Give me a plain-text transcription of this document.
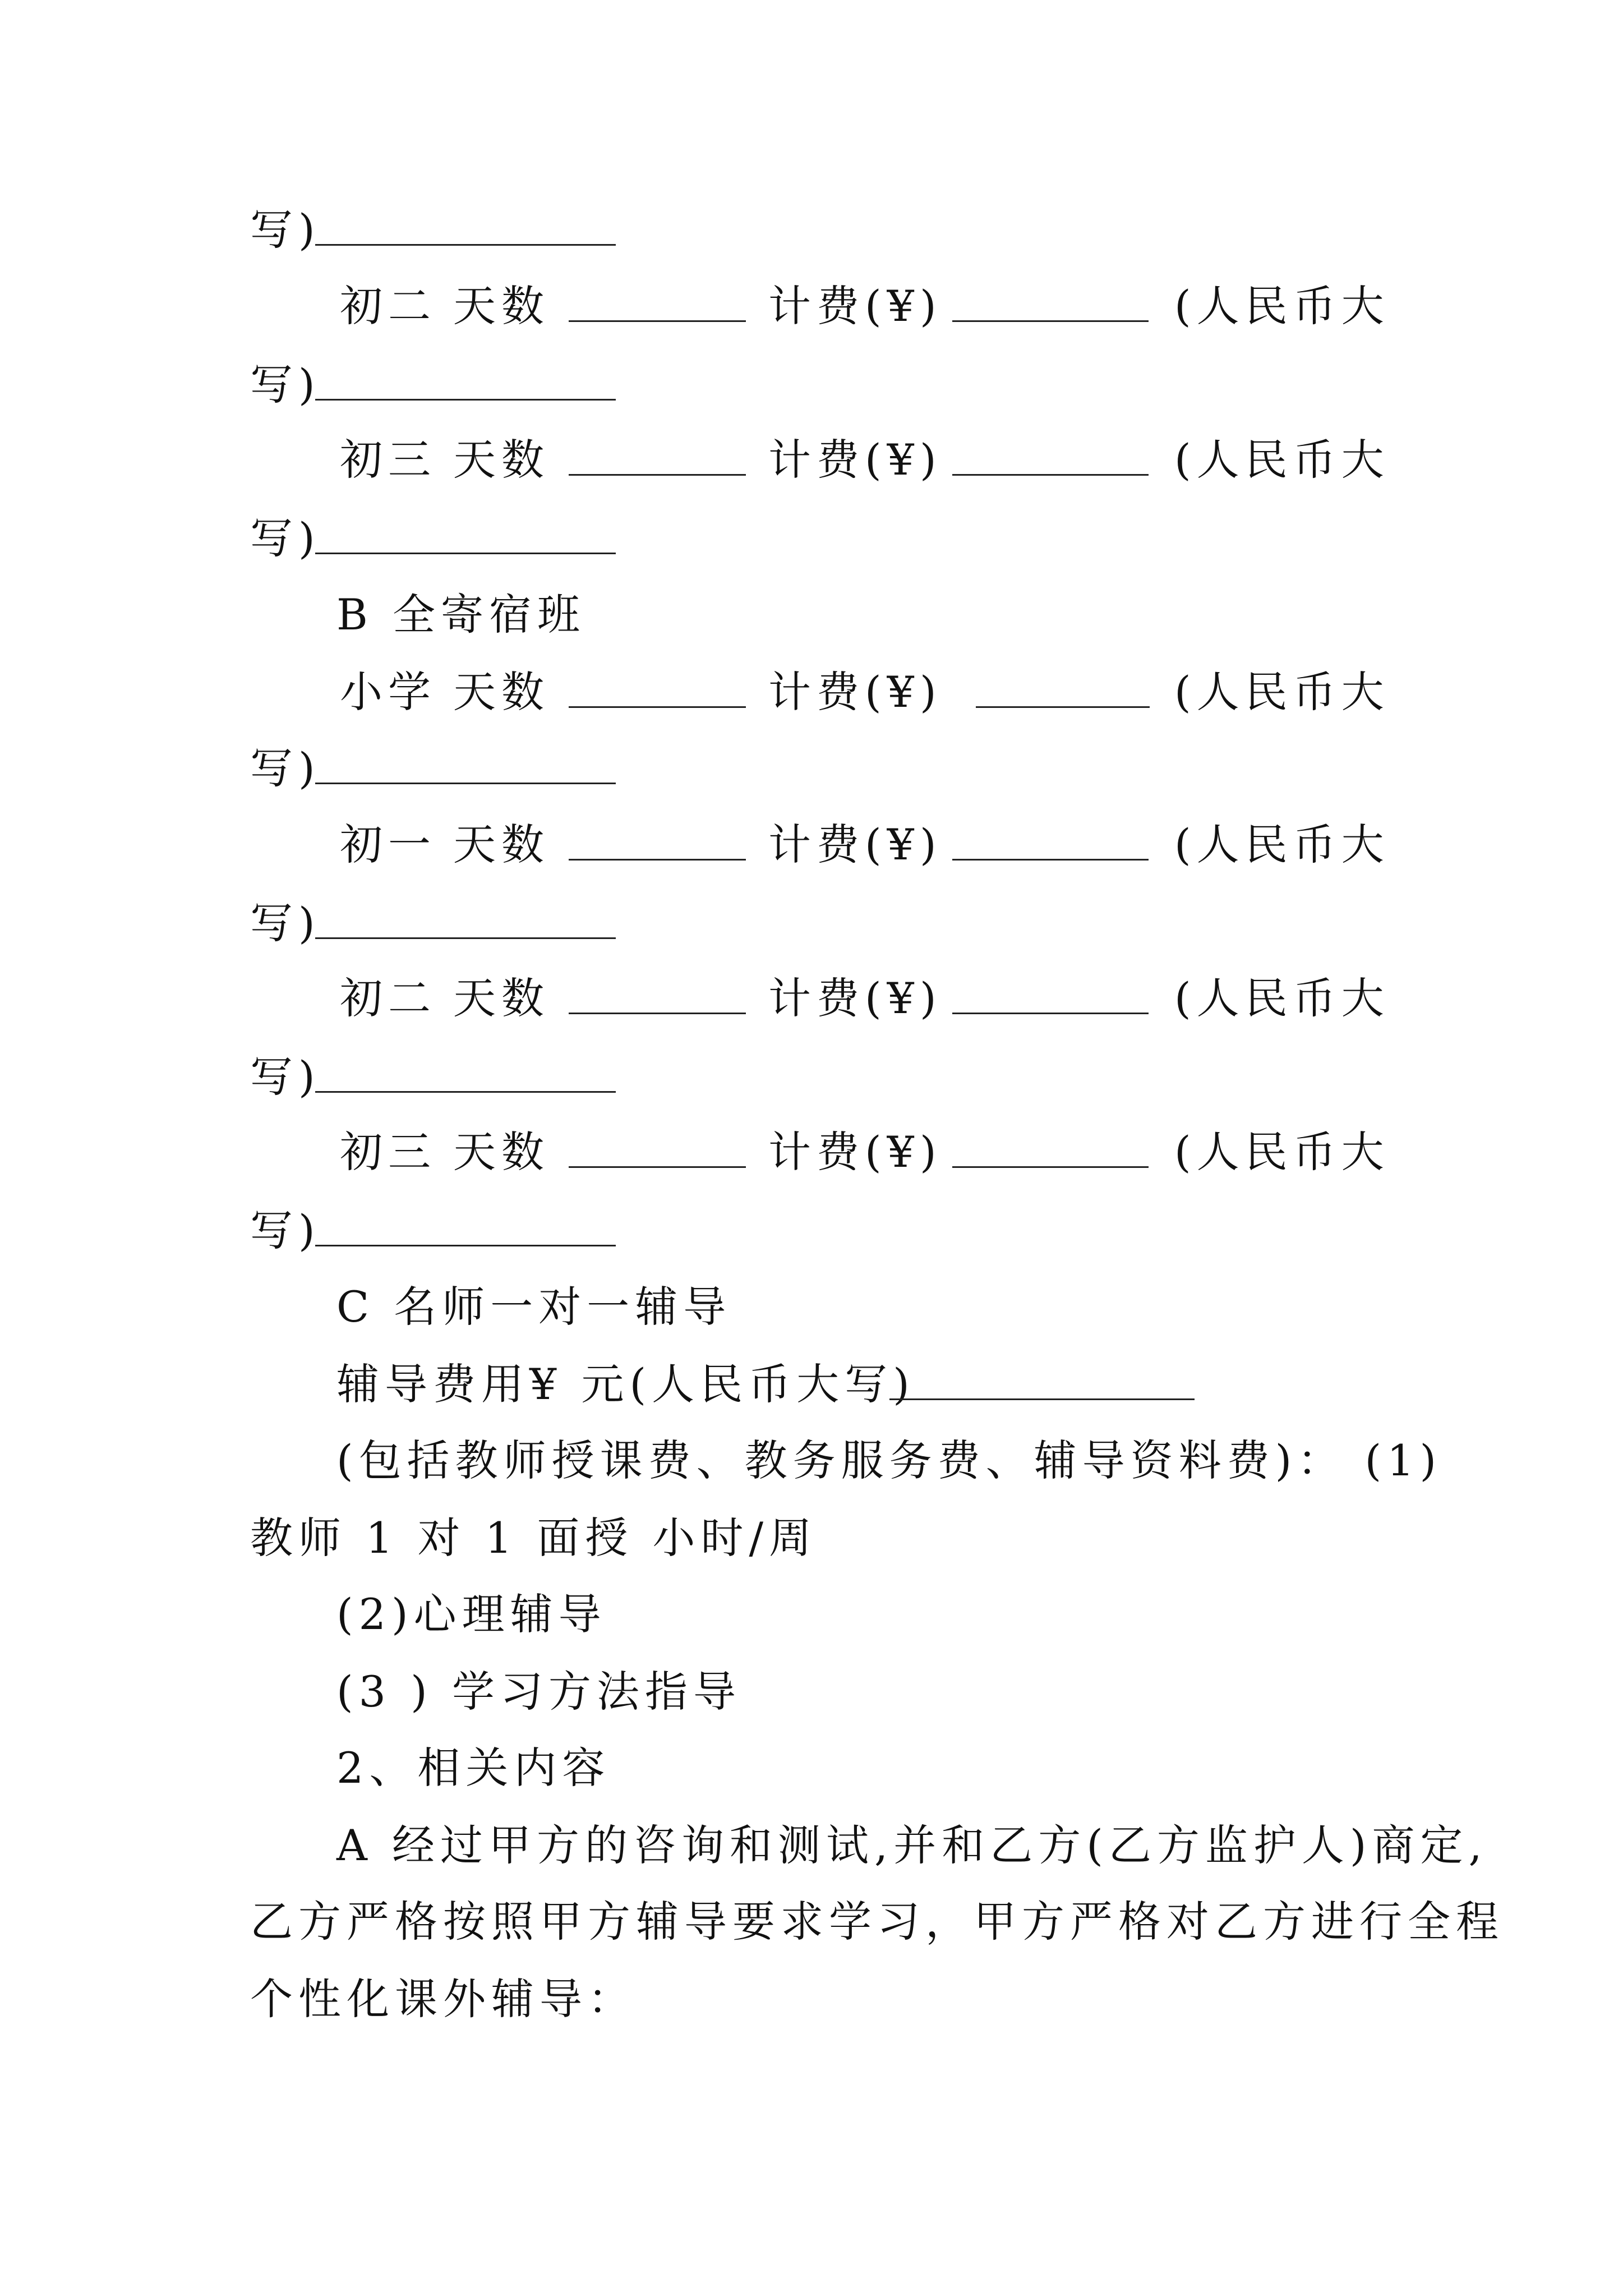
写)
初二 天数	计费(¥)	(人民币大
写)
初三 天数	计费(¥)	(人民币大
写)
B 全寄宿班
小学 天数	计费(¥)	(人民币大
写)
初一 天数	计费(¥)	(人民币大
写)
初二 天数	计费(¥)	(人民币大
写)
初三 天数	计费(¥)	(人民币大
写)
C 名师一对一辅导
辅导费用¥ 元(人民币大写)
(包括教师授课费、教务服务费、辅导资料费)： (1)
教师 1 对 1 面授 小时/周
(2)心理辅导
(3 ) 学习方法指导
2、相关内容
A 经过甲方的咨询和测试,并和乙方(乙方监护人)商定,
乙方严格按照甲方辅导要求学习，甲方严格对乙方进行全程
个性化课外辅导：
